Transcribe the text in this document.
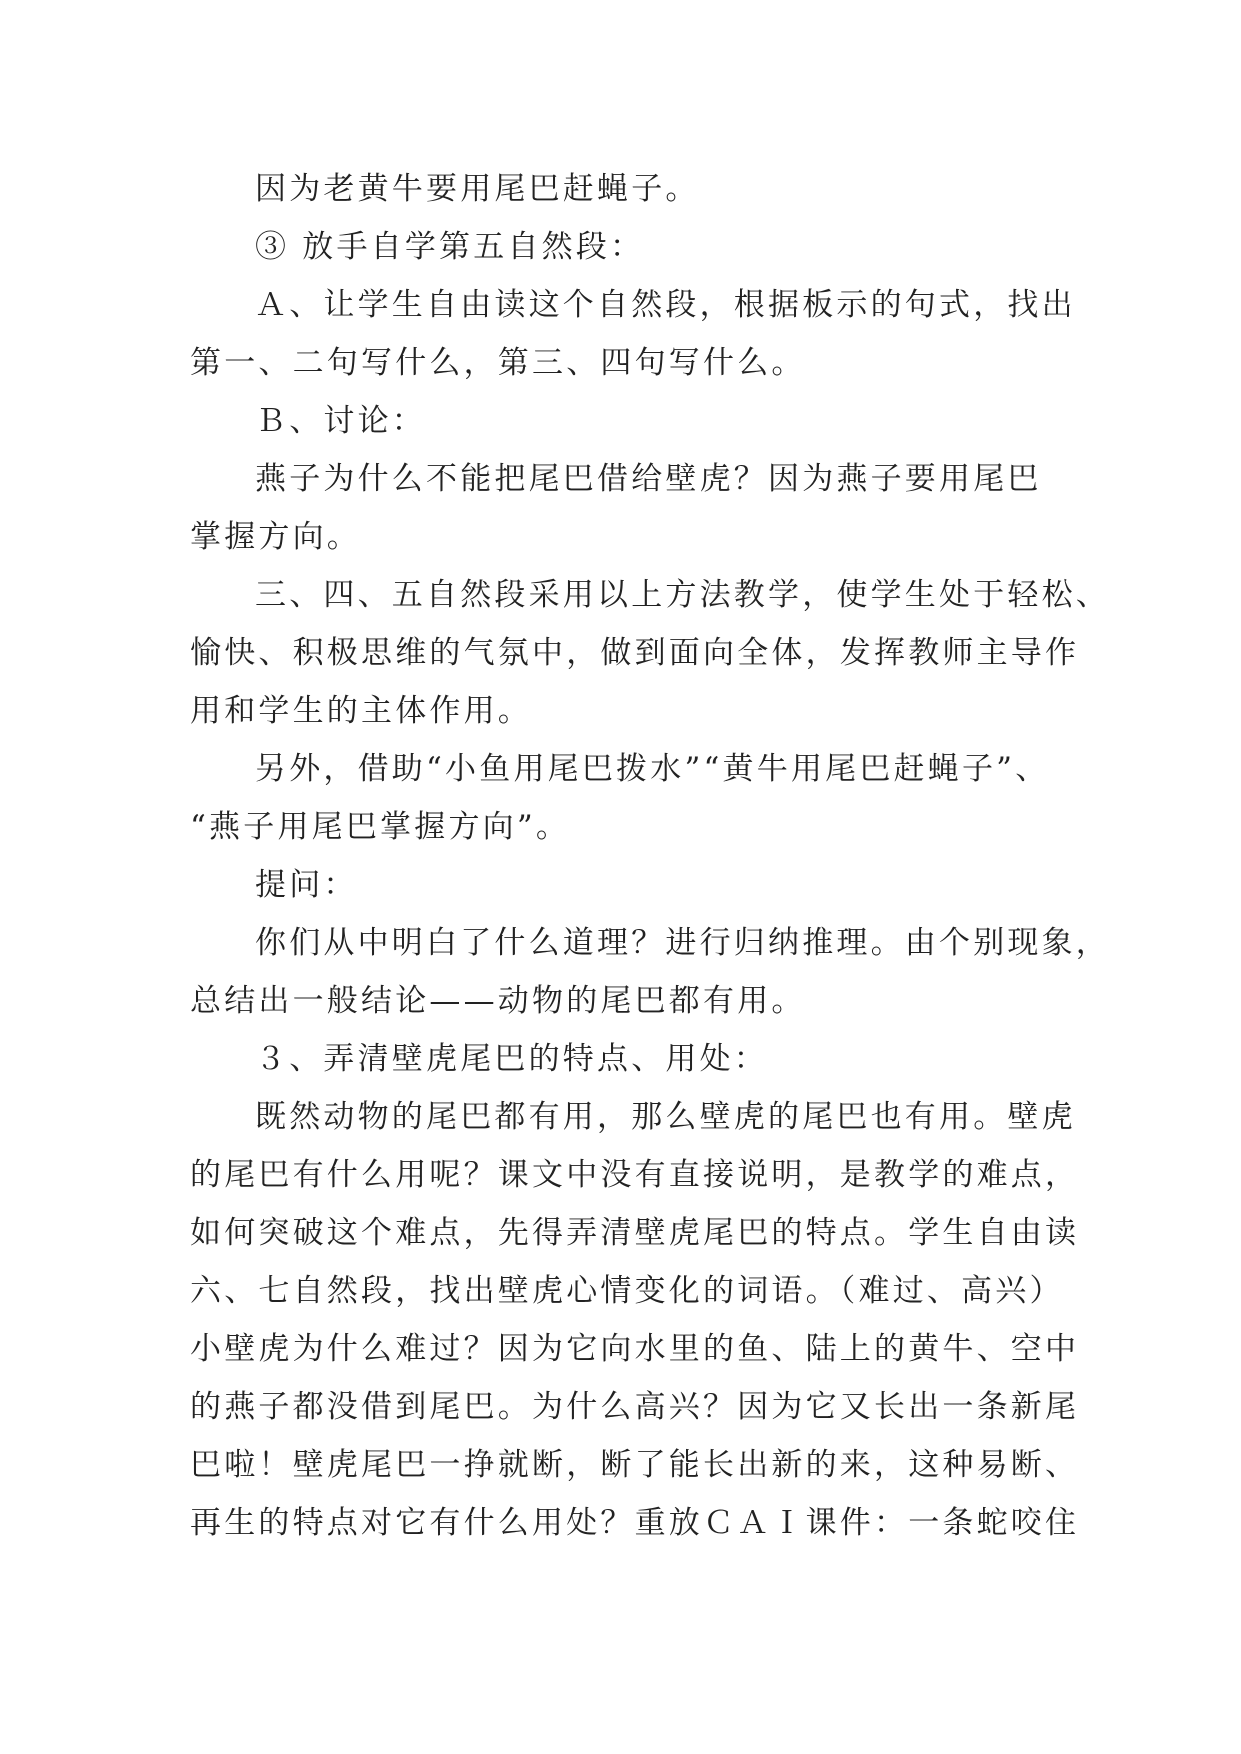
因为老黄牛要用尾巴赶蝇子。
③ 放手自学第五自然段：
Ａ、让学生自由读这个自然段，根据板示的句式，找出
第一、二句写什么，第三、四句写什么。
Ｂ、讨论：
燕子为什么不能把尾巴借给壁虎？因为燕子要用尾巴
掌握方向。
三、四、五自然段采用以上方法教学，使学生处于轻松、
愉快、积极思维的气氛中，做到面向全体，发挥教师主导作
用和学生的主体作用。
另外，借助“小鱼用尾巴拨水”“黄牛用尾巴赶蝇子”、
“燕子用尾巴掌握方向”。
提问：
你们从中明白了什么道理？进行归纳推理。由个别现象，
总结出一般结论——动物的尾巴都有用。
３、弄清壁虎尾巴的特点、用处：
既然动物的尾巴都有用，那么壁虎的尾巴也有用。壁虎
的尾巴有什么用呢？课文中没有直接说明，是教学的难点，
如何突破这个难点，先得弄清壁虎尾巴的特点。学生自由读
六、七自然段，找出壁虎心情变化的词语。（难过、高兴）
小壁虎为什么难过？因为它向水里的鱼、陆上的黄牛、空中
的燕子都没借到尾巴。为什么高兴？因为它又长出一条新尾
巴啦！壁虎尾巴一挣就断，断了能长出新的来，这种易断、
再生的特点对它有什么用处？重放ＣＡＩ课件：一条蛇咬住
